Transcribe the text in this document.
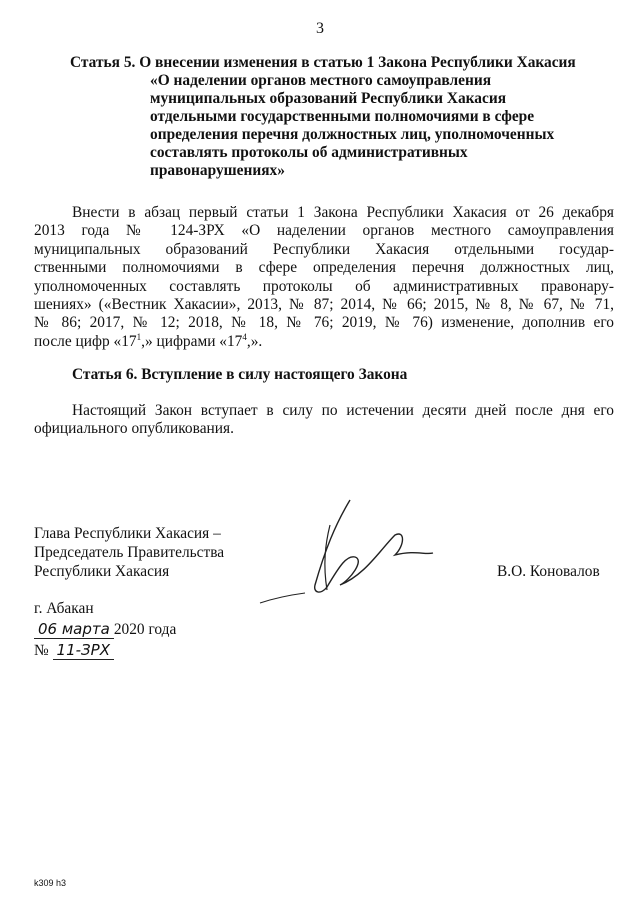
3
Статья 5. О внесении изменения в статью 1 Закона Республики Хакасия
«О наделении органов местного самоуправления
муниципальных образований Республики Хакасия
отдельными государственными полномочиями в сфере
определения перечня должностных лиц, уполномоченных
составлять протоколы об административных
правонарушениях»
Внести в абзац первый статьи 1 Закона Республики Хакасия от 26 декабря
2013 года № 124-ЗРХ «О наделении органов местного самоуправления
муниципальных образований Республики Хакасия отдельными государ-
ственными полномочиями в сфере определения перечня должностных лиц,
уполномоченных составлять протоколы об административных правонару-
шениях» («Вестник Хакасии», 2013, № 87; 2014, № 66; 2015, № 8, № 67, № 71,
№ 86; 2017, № 12; 2018, № 18, № 76; 2019, № 76) изменение, дополнив его
после цифр «$17^1$,» цифрами «$17^4$,».
Статья 6. Вступление в силу настоящего Закона
Настоящий Закон вступает в силу по истечении десяти дней после дня его
официального опубликования.
Глава Республики Хакасия –
Председатель Правительства
Республики Хакасия	В.О. Коновалов
г. Абакан
06 марта 2020 года
№ 11-ЗРХ
k309 h3
